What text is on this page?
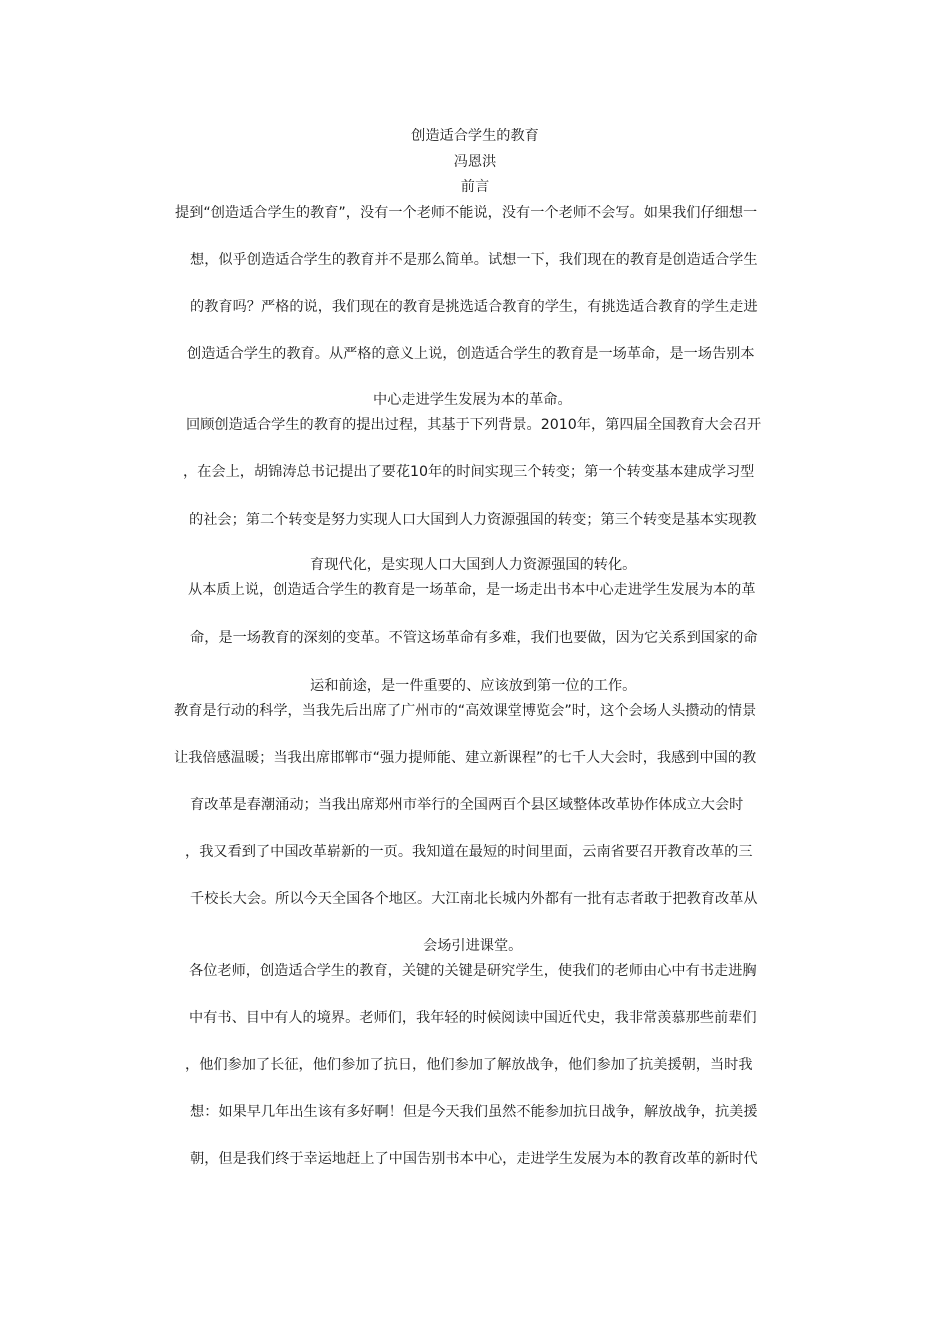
创造适合学生的教育
冯恩洪
前言
提到“创造适合学生的教育”，没有一个老师不能说，没有一个老师不会写。如果我们仔细想一
想，似乎创造适合学生的教育并不是那么简单。试想一下，我们现在的教育是创造适合学生
的教育吗？严格的说，我们现在的教育是挑选适合教育的学生，有挑选适合教育的学生走进
创造适合学生的教育。从严格的意义上说，创造适合学生的教育是一场革命，是一场告别本
中心走进学生发展为本的革命。
回顾创造适合学生的教育的提出过程，其基于下列背景。2010年，第四届全国教育大会召开
，在会上，胡锦涛总书记提出了要花10年的时间实现三个转变；第一个转变基本建成学习型
的社会；第二个转变是努力实现人口大国到人力资源强国的转变；第三个转变是基本实现教
育现代化，是实现人口大国到人力资源强国的转化。
从本质上说，创造适合学生的教育是一场革命，是一场走出书本中心走进学生发展为本的革
命，是一场教育的深刻的变革。不管这场革命有多难，我们也要做，因为它关系到国家的命
运和前途，是一件重要的、应该放到第一位的工作。
教育是行动的科学，当我先后出席了广州市的“高效课堂博览会”时，这个会场人头攒动的情景
让我倍感温暖；当我出席邯郸市“强力提师能、建立新课程”的七千人大会时，我感到中国的教
育改革是春潮涌动；当我出席郑州市举行的全国两百个县区域整体改革协作体成立大会时
，我又看到了中国改革崭新的一页。我知道在最短的时间里面，云南省要召开教育改革的三
千校长大会。所以今天全国各个地区。大江南北长城内外都有一批有志者敢于把教育改革从
会场引进课堂。
各位老师，创造适合学生的教育，关键的关键是研究学生，使我们的老师由心中有书走进胸
中有书、目中有人的境界。老师们，我年轻的时候阅读中国近代史，我非常羡慕那些前辈们
，他们参加了长征，他们参加了抗日，他们参加了解放战争，他们参加了抗美援朝，当时我
想：如果早几年出生该有多好啊！但是今天我们虽然不能参加抗日战争，解放战争，抗美援
朝，但是我们终于幸运地赶上了中国告别书本中心，走进学生发展为本的教育改革的新时代
